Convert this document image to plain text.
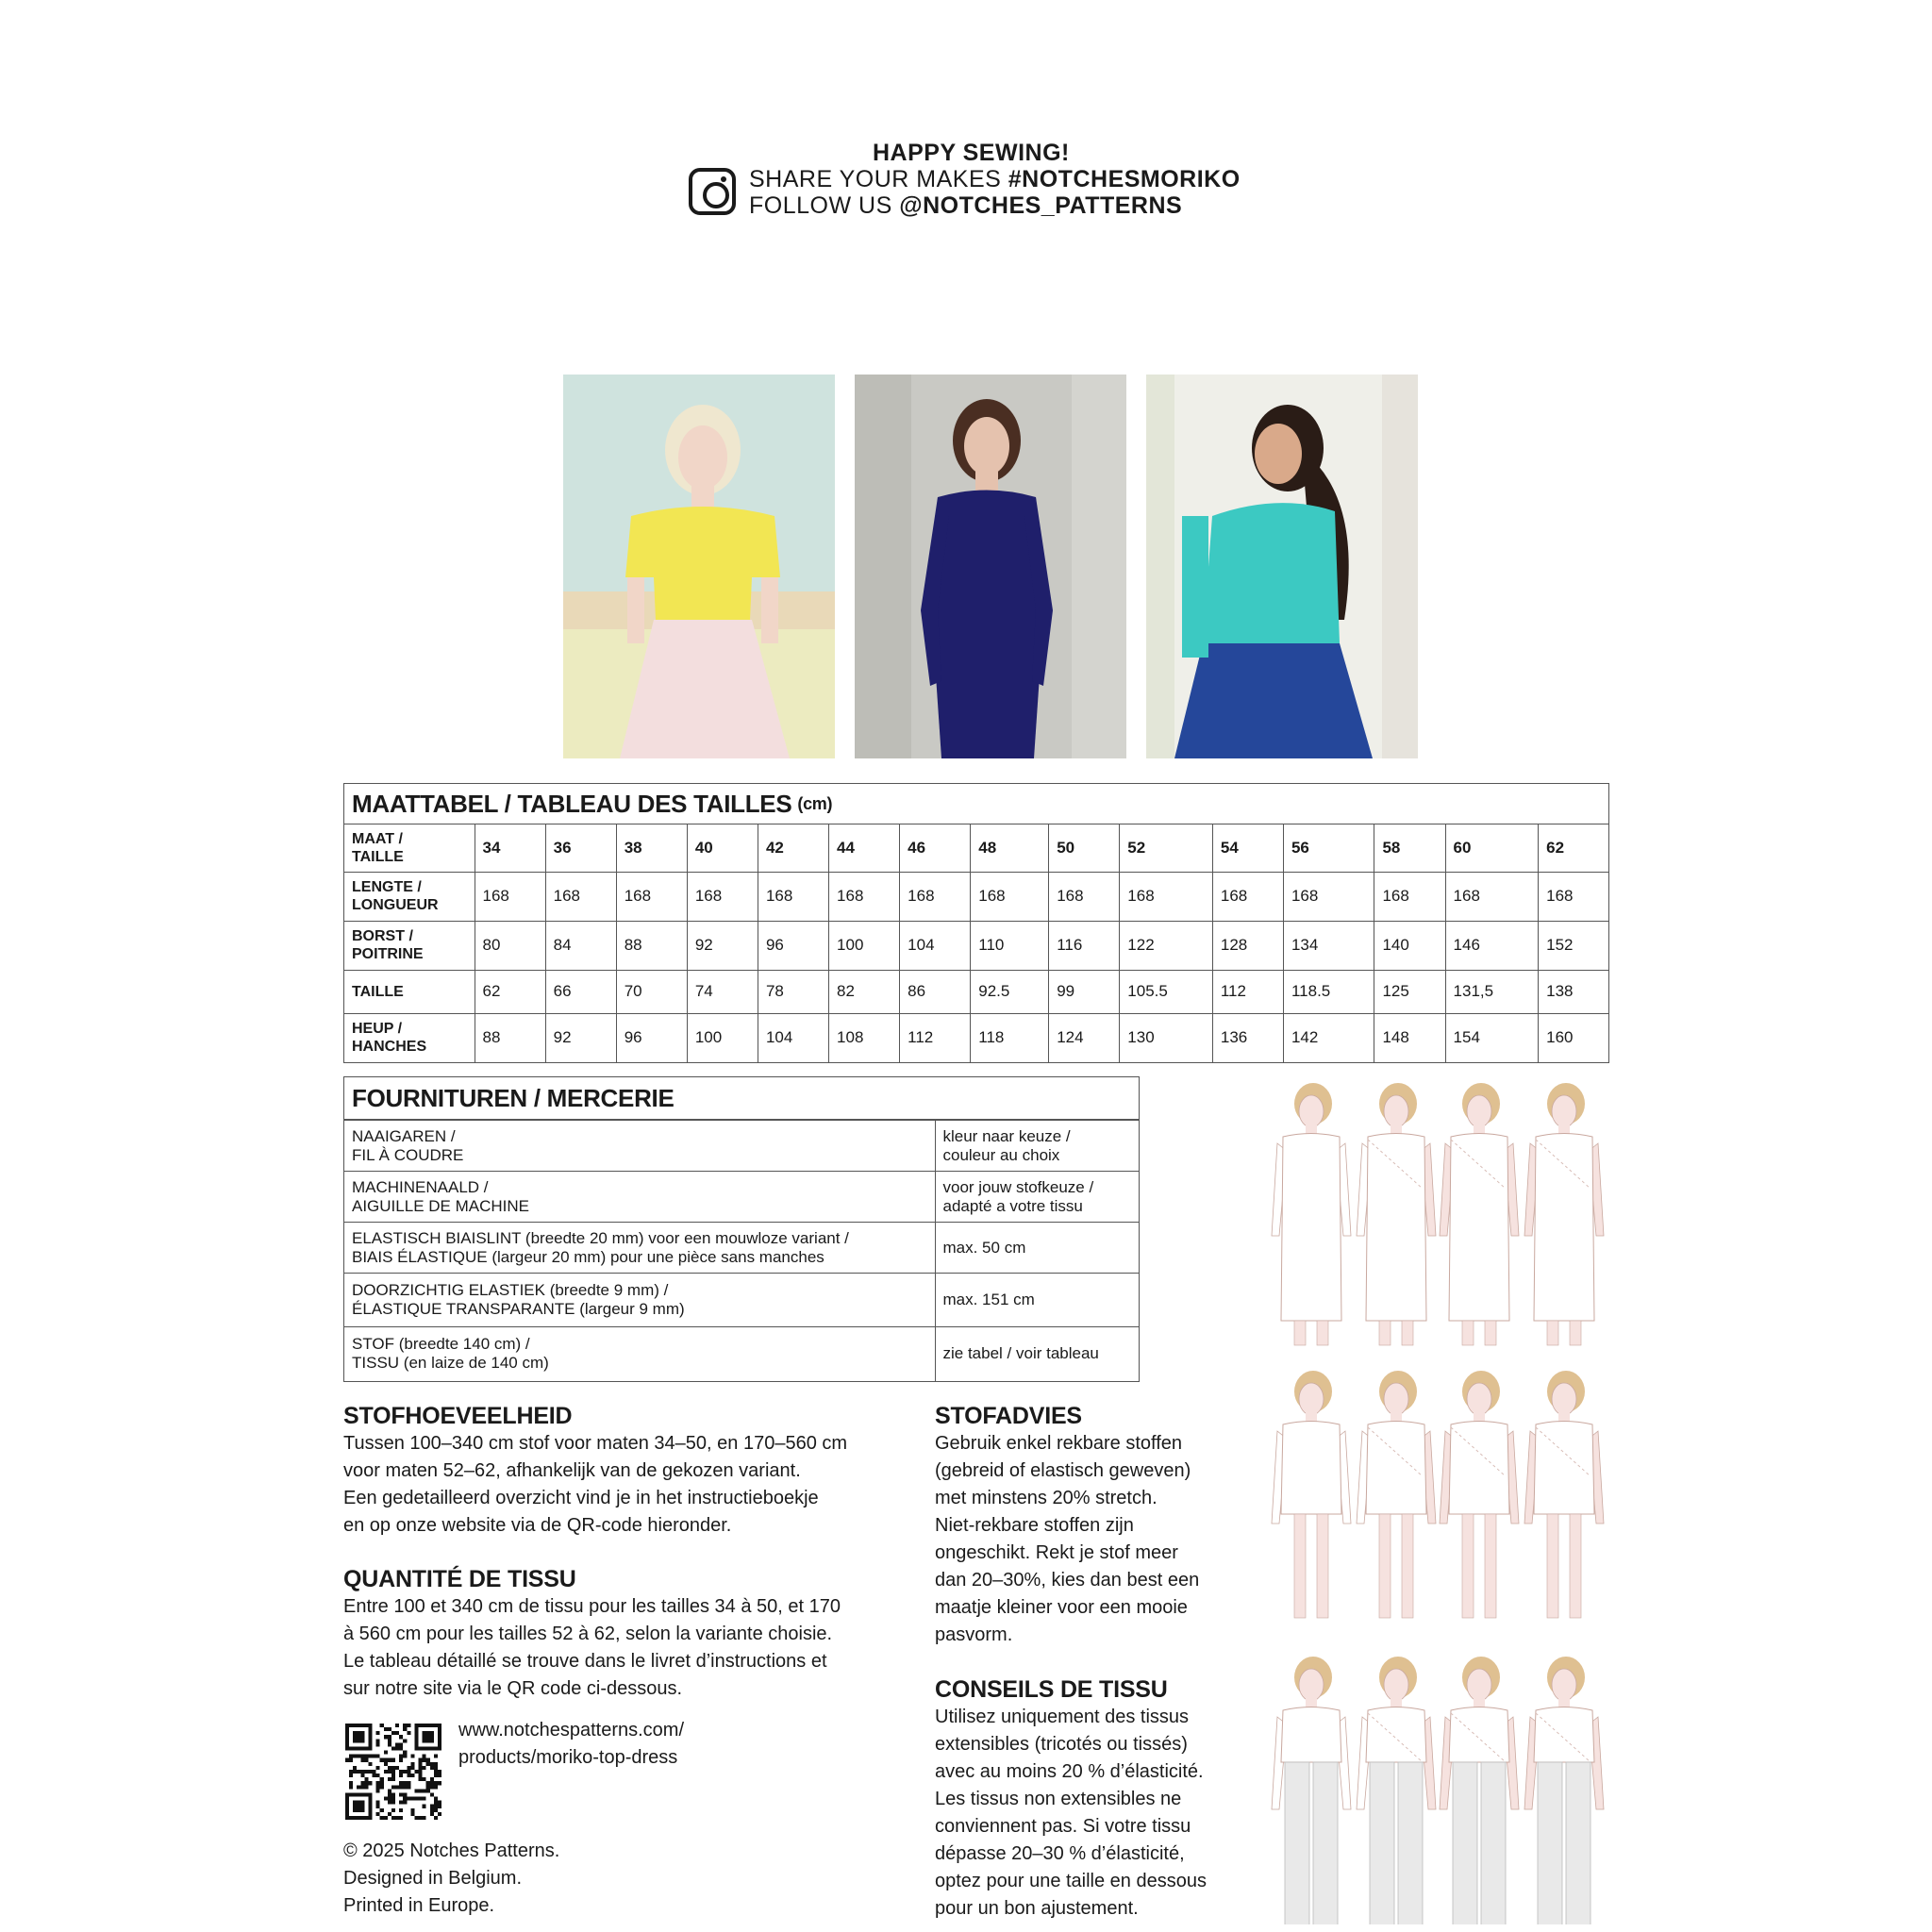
HAPPY SEWING!
SHARE YOUR MAKES #NOTCHESMORIKO
FOLLOW US @NOTCHES_PATTERNS
MAATTABEL / TABLEAU DES TAILLES (cm)
MAAT /
TAILLE	34	36	38	40	42	44	46	48	50	52	54	56	58	60	62
LENGTE /
LONGUEUR	168	168	168	168	168	168	168	168	168	168	168	168	168	168	168
BORST /
POITRINE	80	84	88	92	96	100	104	110	116	122	128	134	140	146	152
TAILLE	62	66	70	74	78	82	86	92.5	99	105.5	112	118.5	125	131,5	138
HEUP /
HANCHES	88	92	96	100	104	108	112	118	124	130	136	142	148	154	160
FOURNITUREN / MERCERIE
NAAIGAREN /
FIL À COUDRE	kleur naar keuze /
couleur au choix
MACHINENAALD /
AIGUILLE DE MACHINE	voor jouw stofkeuze /
adapté a votre tissu
ELASTISCH BIAISLINT (breedte 20 mm) voor een mouwloze variant /
BIAIS ÉLASTIQUE (largeur 20 mm) pour une pièce sans manches	max. 50 cm
DOORZICHTIG ELASTIEK (breedte 9 mm) /
ÉLASTIQUE TRANSPARANTE (largeur 9 mm)	max. 151 cm
STOF (breedte 140 cm) /
TISSU (en laize de 140 cm)	zie tabel / voir tableau
STOFHOEVEELHEID

Tussen 100–340 cm stof voor maten 34–50, en 170–560 cm
voor maten 52–62, afhankelijk van de gekozen variant.
Een gedetailleerd overzicht vind je in het instructieboekje
en op onze website via de QR-code hieronder.

QUANTITÉ DE TISSU

Entre 100 et 340 cm de tissu pour les tailles 34 à 50, et 170
à 560 cm pour les tailles 52 à 62, selon la variante choisie.
Le tableau détaillé se trouve dans le livret d’instructions et
sur notre site via le QR code ci-dessous.

STOFADVIES

Gebruik enkel rekbare stoffen
(gebreid of elastisch geweven)
met minstens 20% stretch.
Niet-rekbare stoffen zijn
ongeschikt. Rekt je stof meer
dan 20–30%, kies dan best een
maatje kleiner voor een mooie
pasvorm.

CONSEILS DE TISSU

Utilisez uniquement des tissus
extensibles (tricotés ou tissés)
avec au moins 20 % d’élasticité.
Les tissus non extensibles ne
conviennent pas. Si votre tissu
dépasse 20–30 % d’élasticité,
optez pour une taille en dessous
pour un bon ajustement.

www.notchespatterns.com/
products/moriko-top-dress
© 2025 Notches Patterns.
Designed in Belgium.
Printed in Europe.
